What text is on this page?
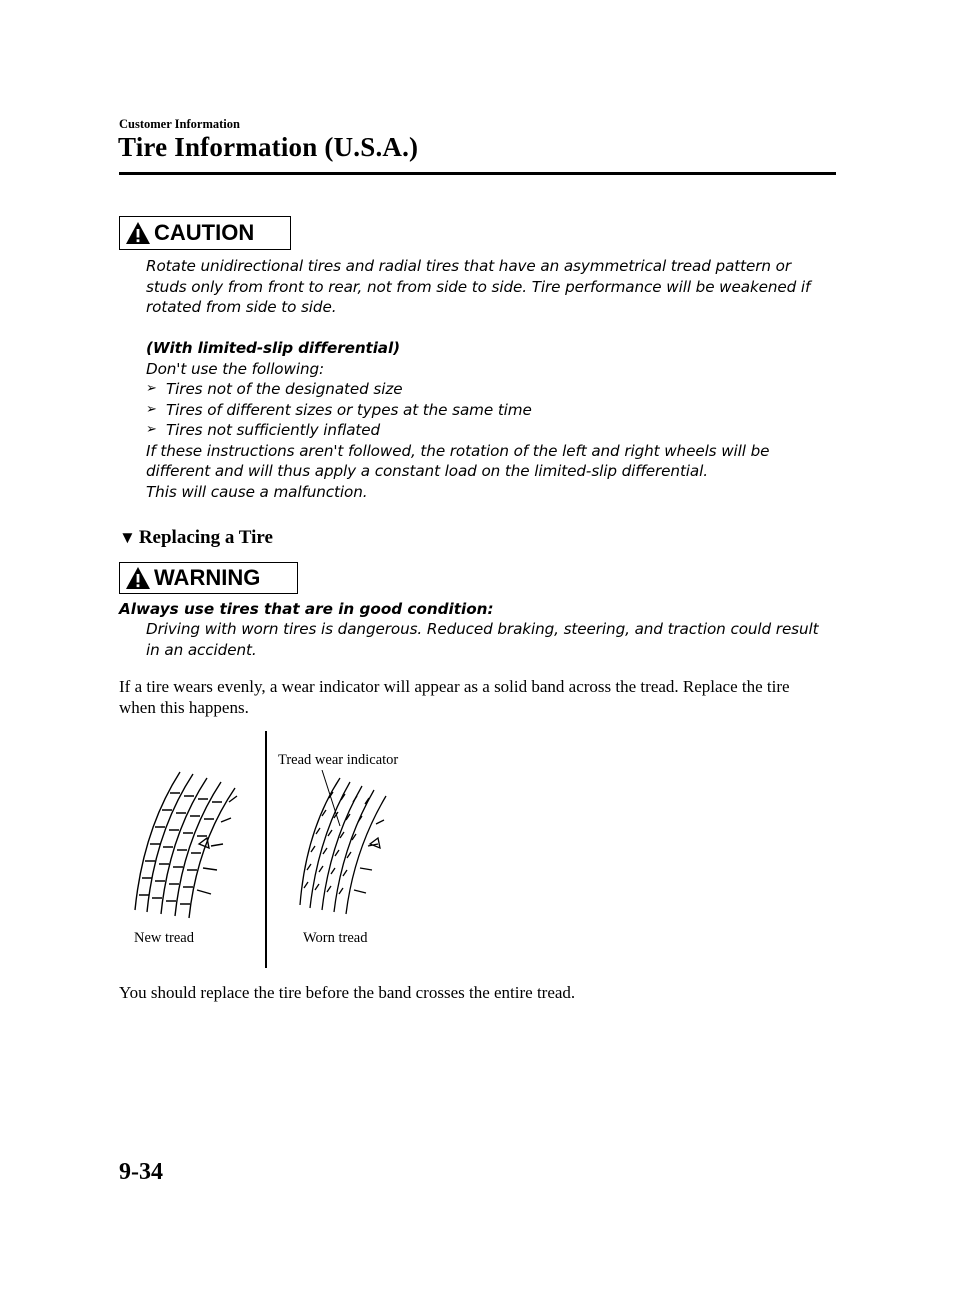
Customer Information
Tire Information (U.S.A.)
CAUTION

Rotate unidirectional tires and radial tires that have an asymmetrical tread pattern or studs only from front to rear, not from side to side. Tire performance will be weakened if rotated from side to side.

(With limited-slip differential)

Don't use the following:

➢ Tires not of the designated size
➢ Tires of different sizes or types at the same time
➢ Tires not sufficiently inflated

If these instructions aren't followed, the rotation of the left and right wheels will be different and will thus apply a constant load on the limited-slip differential.

This will cause a malfunction.

▼ Replacing a Tire
WARNING
Always use tires that are in good condition:
Driving with worn tires is dangerous. Reduced braking, steering, and traction could result in an accident.
If a tire wears evenly, a wear indicator will appear as a solid band across the tread. Replace the tire when this happens.
Tread wear indicator
New tread	Worn tread
You should replace the tire before the band crosses the entire tread.
9-34
